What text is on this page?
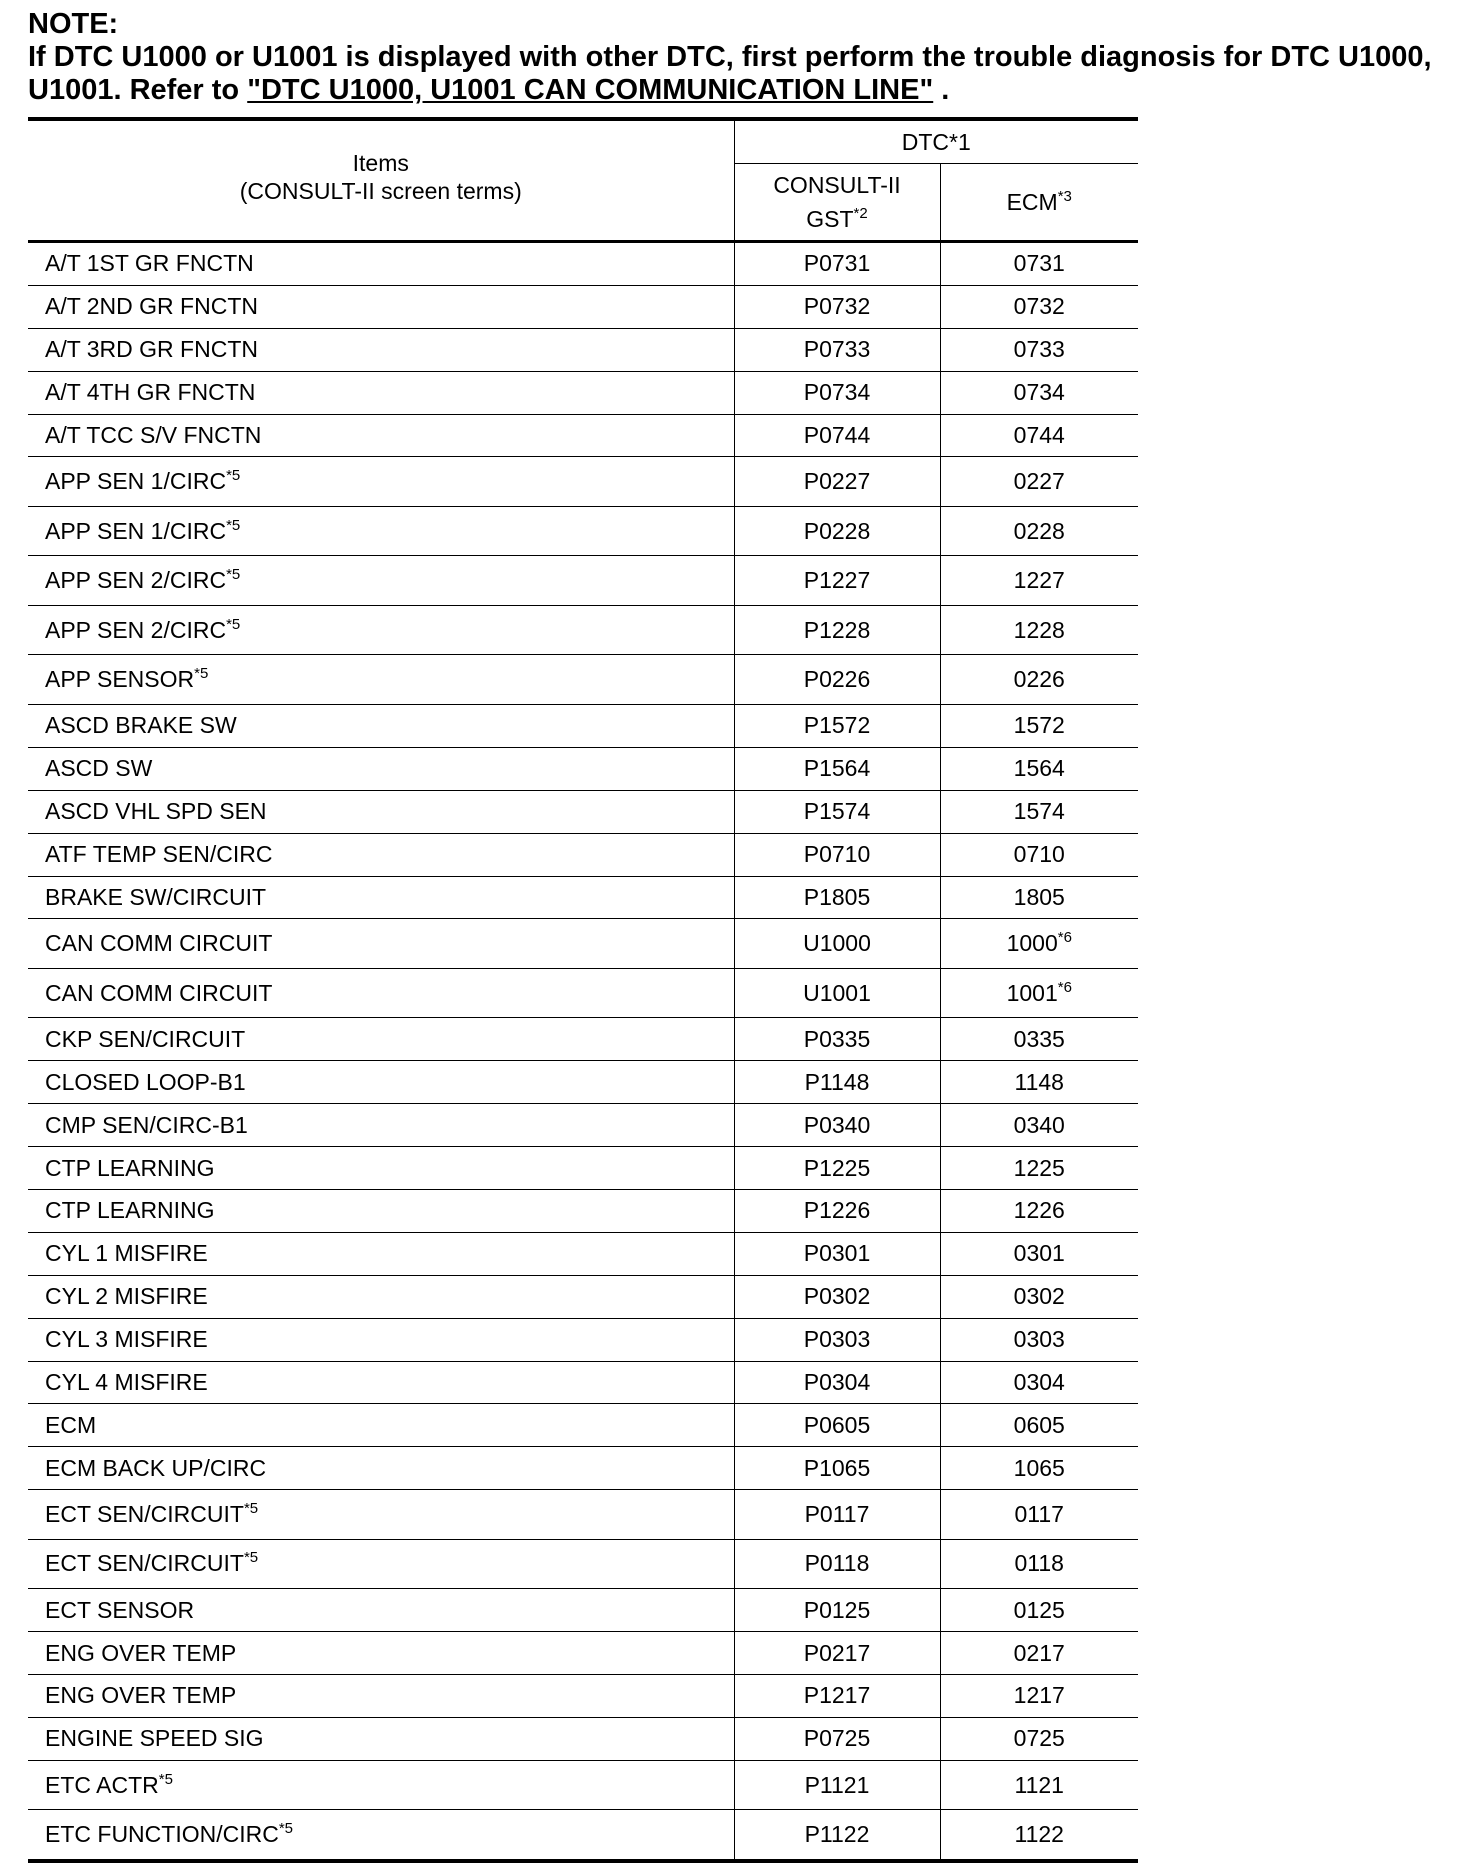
NOTE:
If DTC U1000 or U1001 is displayed with other DTC, first perform the trouble diagnosis for DTC U1000, U1001. Refer to "DTC U1000, U1001 CAN COMMUNICATION LINE" .
Items
(CONSULT-II screen terms)	DTC*1	
	CONSULT-II
GST$^{*2}$	ECM$^{*3}$
A/T 1ST GR FNCTN	P0731	0731
A/T 2ND GR FNCTN	P0732	0732
A/T 3RD GR FNCTN	P0733	0733
A/T 4TH GR FNCTN	P0734	0734
A/T TCC S/V FNCTN	P0744	0744
APP SEN 1/CIRC$^{*5}$	P0227	0227
APP SEN 1/CIRC$^{*5}$	P0228	0228
APP SEN 2/CIRC$^{*5}$	P1227	1227
APP SEN 2/CIRC$^{*5}$	P1228	1228
APP SENSOR$^{*5}$	P0226	0226
ASCD BRAKE SW	P1572	1572
ASCD SW	P1564	1564
ASCD VHL SPD SEN	P1574	1574
ATF TEMP SEN/CIRC	P0710	0710
BRAKE SW/CIRCUIT	P1805	1805
CAN COMM CIRCUIT	U1000	1000$^{*6}$
CAN COMM CIRCUIT	U1001	1001$^{*6}$
CKP SEN/CIRCUIT	P0335	0335
CLOSED LOOP-B1	P1148	1148
CMP SEN/CIRC-B1	P0340	0340
CTP LEARNING	P1225	1225
CTP LEARNING	P1226	1226
CYL 1 MISFIRE	P0301	0301
CYL 2 MISFIRE	P0302	0302
CYL 3 MISFIRE	P0303	0303
CYL 4 MISFIRE	P0304	0304
ECM	P0605	0605
ECM BACK UP/CIRC	P1065	1065
ECT SEN/CIRCUIT$^{*5}$	P0117	0117
ECT SEN/CIRCUIT$^{*5}$	P0118	0118
ECT SENSOR	P0125	0125
ENG OVER TEMP	P0217	0217
ENG OVER TEMP	P1217	1217
ENGINE SPEED SIG	P0725	0725
ETC ACTR$^{*5}$	P1121	1121
ETC FUNCTION/CIRC$^{*5}$	P1122	1122
